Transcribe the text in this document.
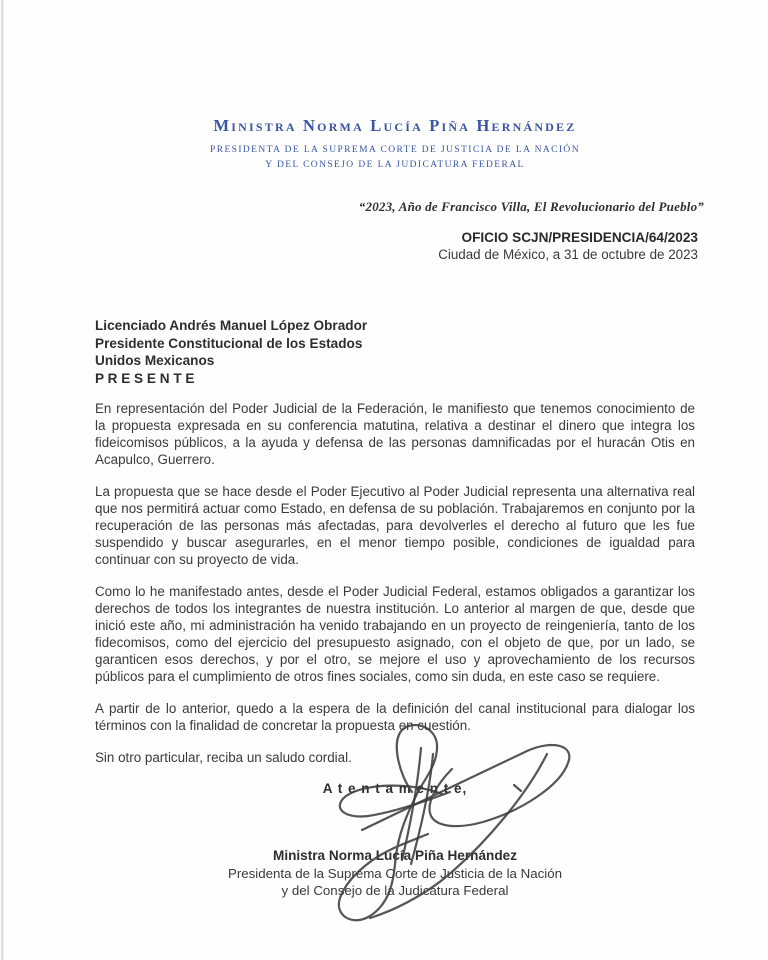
Ministra Norma Lucía Piña Hernández
PRESIDENTA DE LA SUPREMA CORTE DE JUSTICIA DE LA NACIÓN
Y DEL CONSEJO DE LA JUDICATURA FEDERAL
“2023, Año de Francisco Villa, El Revolucionario del Pueblo”
OFICIO SCJN/PRESIDENCIA/64/2023
Ciudad de México, a 31 de octubre de 2023
Licenciado Andrés Manuel López Obrador
Presidente Constitucional de los Estados
Unidos Mexicanos
P R E S E N T E

En representación del Poder Judicial de la Federación, le manifiesto que tenemos conocimiento de la propuesta expresada en su conferencia matutina, relativa a destinar el dinero que integra los fideicomisos públicos, a la ayuda y defensa de las personas damnificadas por el huracán Otis en Acapulco, Guerrero.

La propuesta que se hace desde el Poder Ejecutivo al Poder Judicial representa una alternativa real que nos permitirá actuar como Estado, en defensa de su población. Trabajaremos en conjunto por la recuperación de las personas más afectadas, para devolverles el derecho al futuro que les fue suspendido y buscar asegurarles, en el menor tiempo posible, condiciones de igualdad para continuar con su proyecto de vida.

Como lo he manifestado antes, desde el Poder Judicial Federal, estamos obligados a garantizar los derechos de todos los integrantes de nuestra institución. Lo anterior al margen de que, desde que inició este año, mi administración ha venido trabajando en un proyecto de reingeniería, tanto de los fidecomisos, como del ejercicio del presupuesto asignado, con el objeto de que, por un lado, se garanticen esos derechos, y por el otro, se mejore el uso y aprovechamiento de los recursos públicos para el cumplimiento de otros fines sociales, como sin duda, en este caso se requiere.

A partir de lo anterior, quedo a la espera de la definición del canal institucional para dialogar los términos con la finalidad de concretar la propuesta en cuestión.

Sin otro particular, reciba un saludo cordial.

A t e n t a m e n t e,
Ministra Norma Lucía Piña Hernández
Presidenta de la Suprema Corte de Justicia de la Nación
y del Consejo de la Judicatura Federal
